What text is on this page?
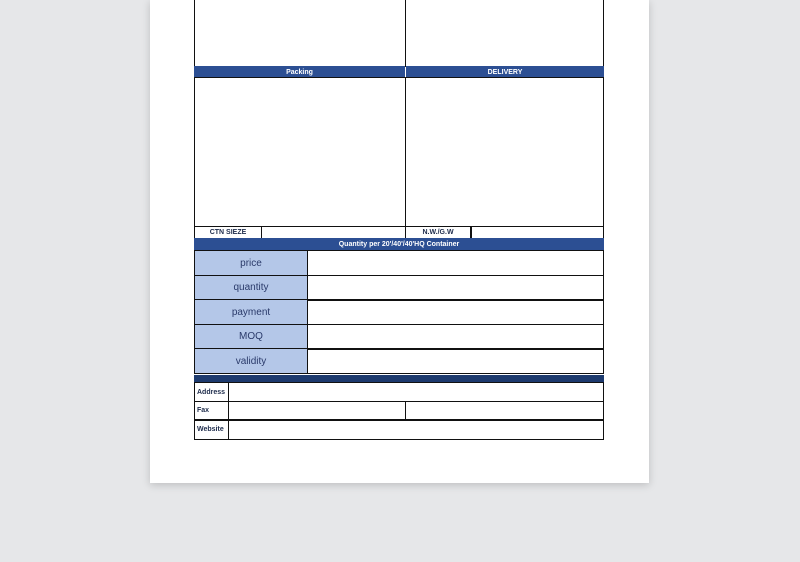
Packing	DELIVERY
CTN SIEZE	N.W./G.W
Quantity per 20'/40'/40'HQ Container
price
quantity
payment
MOQ
validity
Address
Fax
Website
